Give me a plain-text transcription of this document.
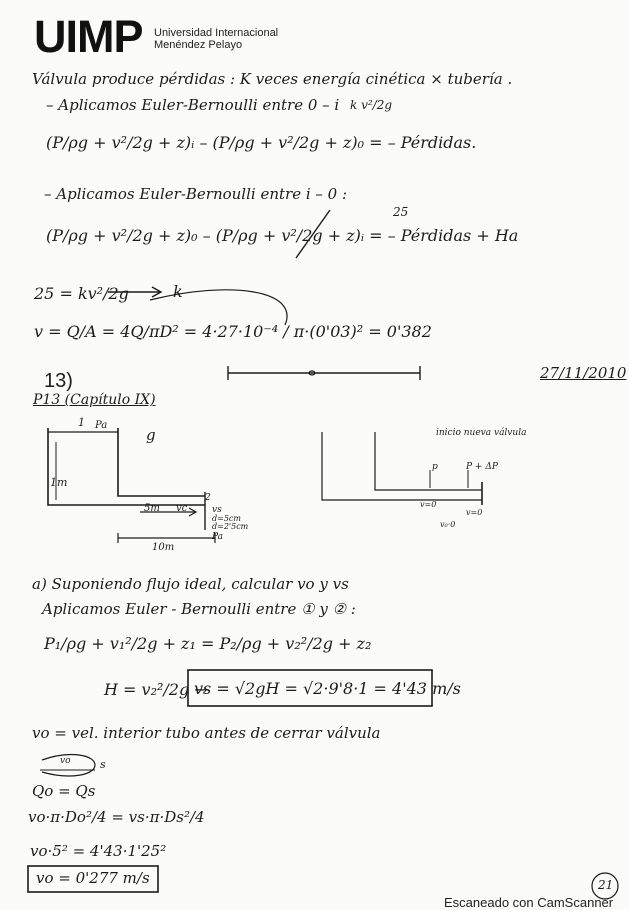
UIMP Universidad Internacional
Menéndez Pelayo
Válvula produce pérdidas : K veces energía cinética × tubería .
– Aplicamos Euler-Bernoulli entre 0 – i k v²/2g
(P/ρg + v²/2g + z)ᵢ – (P/ρg + v²/2g + z)₀ = – Pérdidas.
– Aplicamos Euler-Bernoulli entre i – 0 :
25
(P/ρg + v²/2g + z)₀ – (P/ρg + v²/2g + z)ᵢ = – Pérdidas + Ha
25 = kv²/2g	k
v = Q/A = 4Q/πD² = 4·27·10⁻⁴ / π·(0'03)² = 0'382
13)	27/11/2010
P13 (Capítulo IX)
1 Pa
g
1m
5m vc
2
vs
d=5cm
d=2'5cm
Pa
10m
inicio nueva válvula
p	P + ΔP
v=0
v=0
v₀·0
a) Suponiendo flujo ideal, calcular vo y vs
Aplicamos Euler - Bernoulli entre ① y ② :
P₁/ρg + v₁²/2g + z₁ = P₂/ρg + v₂²/2g + z₂
H = v₂²/2g →
vs = √2gH = √2·9'8·1 = 4'43 m/s
vo = vel. interior tubo antes de cerrar válvula
vo	s
Qo = Qs
vo·π·Do²/4 = vs·π·Ds²/4
vo·5² = 4'43·1'25²
vo = 0'277 m/s	21
Escaneado con CamScanner
